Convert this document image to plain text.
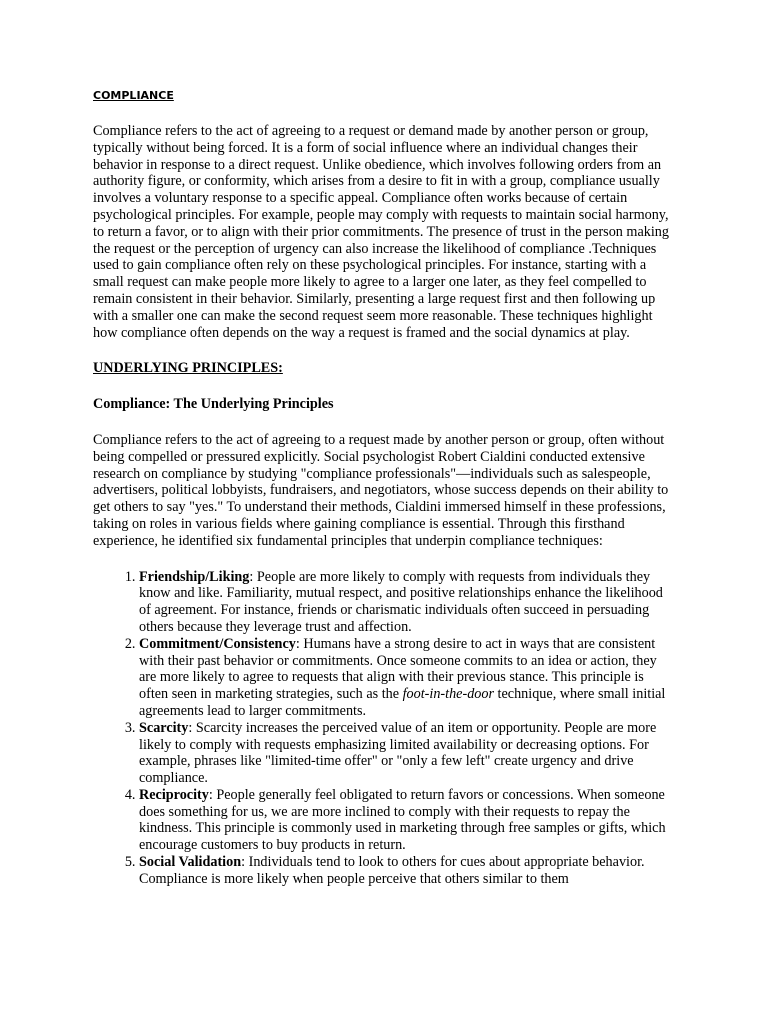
COMPLIANCE

Compliance refers to the act of agreeing to a request or demand made by another person or group, typically without being forced. It is a form of social influence where an individual changes their behavior in response to a direct request. Unlike obedience, which involves following orders from an authority figure, or conformity, which arises from a desire to fit in with a group, compliance usually involves a voluntary response to a specific appeal. Compliance often works because of certain psychological principles. For example, people may comply with requests to maintain social harmony, to return a favor, or to align with their prior commitments. The presence of trust in the person making the request or the perception of urgency can also increase the likelihood of compliance .Techniques used to gain compliance often rely on these psychological principles. For instance, starting with a small request can make people more likely to agree to a larger one later, as they feel compelled to remain consistent in their behavior. Similarly, presenting a large request first and then following up with a smaller one can make the second request seem more reasonable. These techniques highlight how compliance often depends on the way a request is framed and the social dynamics at play.

UNDERLYING PRINCIPLES:

Compliance: The Underlying Principles

Compliance refers to the act of agreeing to a request made by another person or group, often without being compelled or pressured explicitly. Social psychologist Robert Cialdini conducted extensive research on compliance by studying "compliance professionals"—individuals such as salespeople, advertisers, political lobbyists, fundraisers, and negotiators, whose success depends on their ability to get others to say "yes." To understand their methods, Cialdini immersed himself in these professions, taking on roles in various fields where gaining compliance is essential. Through this firsthand experience, he identified six fundamental principles that underpin compliance techniques:

1. Friendship/Liking: People are more likely to comply with requests from individuals they know and like. Familiarity, mutual respect, and positive relationships enhance the likelihood of agreement. For instance, friends or charismatic individuals often succeed in persuading others because they leverage trust and affection.
2. Commitment/Consistency: Humans have a strong desire to act in ways that are consistent with their past behavior or commitments. Once someone commits to an idea or action, they are more likely to agree to requests that align with their previous stance. This principle is often seen in marketing strategies, such as the foot-in-the-door technique, where small initial agreements lead to larger commitments.
3. Scarcity: Scarcity increases the perceived value of an item or opportunity. People are more likely to comply with requests emphasizing limited availability or decreasing options. For example, phrases like "limited-time offer" or "only a few left" create urgency and drive compliance.
4. Reciprocity: People generally feel obligated to return favors or concessions. When someone does something for us, we are more inclined to comply with their requests to repay the kindness. This principle is commonly used in marketing through free samples or gifts, which encourage customers to buy products in return.
5. Social Validation: Individuals tend to look to others for cues about appropriate behavior. Compliance is more likely when people perceive that others similar to them
